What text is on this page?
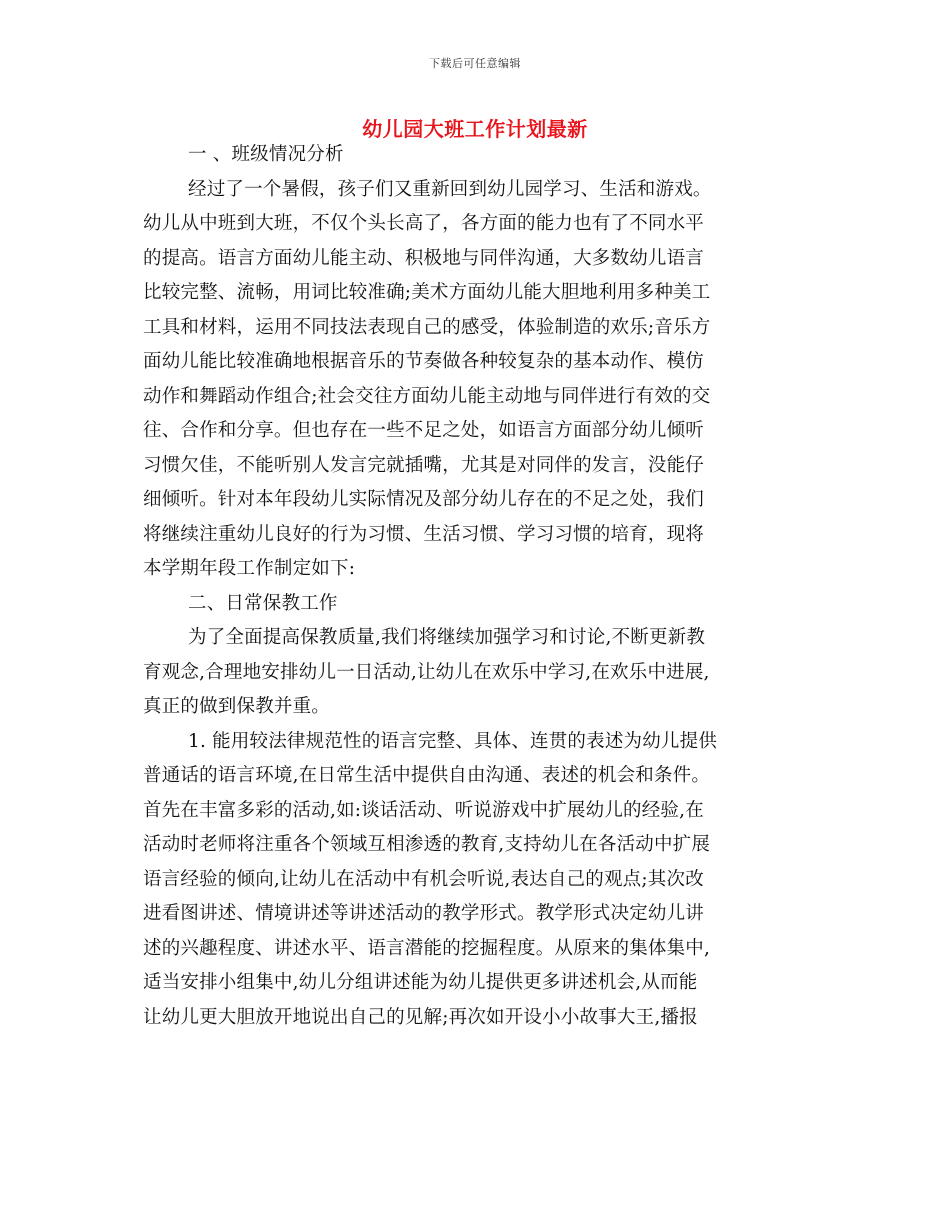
下载后可任意编辑
幼儿园大班工作计划最新
一 、班级情况分析
经过了一个暑假，孩子们又重新回到幼儿园学习、生活和游戏。
幼儿从中班到大班，不仅个头长高了，各方面的能力也有了不同水平
的提高。语言方面幼儿能主动、积极地与同伴沟通，大多数幼儿语言
比较完整、流畅，用词比较准确;美术方面幼儿能大胆地利用多种美工
工具和材料，运用不同技法表现自己的感受，体验制造的欢乐;音乐方
面幼儿能比较准确地根据音乐的节奏做各种较复杂的基本动作、模仿
动作和舞蹈动作组合;社会交往方面幼儿能主动地与同伴进行有效的交
往、合作和分享。但也存在一些不足之处，如语言方面部分幼儿倾听
习惯欠佳，不能听别人发言完就插嘴，尤其是对同伴的发言，没能仔
细倾听。针对本年段幼儿实际情况及部分幼儿存在的不足之处，我们
将继续注重幼儿良好的行为习惯、生活习惯、学习习惯的培育，现将
本学期年段工作制定如下:
二、日常保教工作
为了全面提高保教质量,我们将继续加强学习和讨论,不断更新教
育观念,合理地安排幼儿一日活动,让幼儿在欢乐中学习,在欢乐中进展,
真正的做到保教并重。
1. 能用较法律规范性的语言完整、具体、连贯的表述为幼儿提供
普通话的语言环境,在日常生活中提供自由沟通、表述的机会和条件。
首先在丰富多彩的活动,如:谈话活动、听说游戏中扩展幼儿的经验,在
活动时老师将注重各个领域互相渗透的教育,支持幼儿在各活动中扩展
语言经验的倾向,让幼儿在活动中有机会听说,表达自己的观点;其次改
进看图讲述、情境讲述等讲述活动的教学形式。教学形式决定幼儿讲
述的兴趣程度、讲述水平、语言潜能的挖掘程度。从原来的集体集中,
适当安排小组集中,幼儿分组讲述能为幼儿提供更多讲述机会,从而能
让幼儿更大胆放开地说出自己的见解;再次如开设小小故事大王,播报
